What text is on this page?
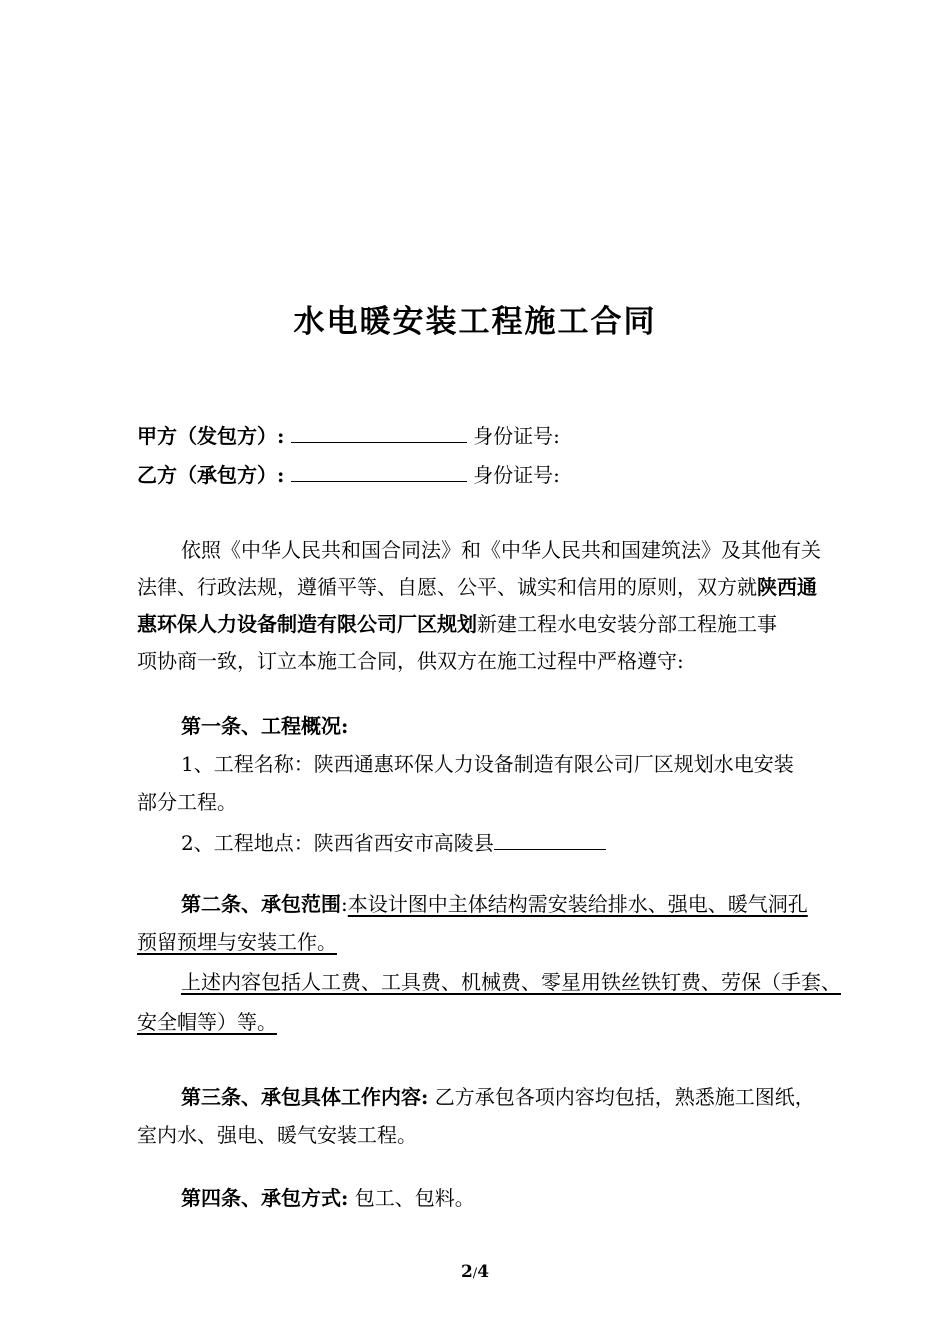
水电暖安装工程施工合同
甲方（发包方）:	身份证号:
乙方（承包方）:	身份证号:
依照《中华人民共和国合同法》和《中华人民共和国建筑法》及其他有关
法律、行政法规，遵循平等、自愿、公平、诚实和信用的原则，双方就陕西通
惠环保人力设备制造有限公司厂区规划新建工程水电安装分部工程施工事
项协商一致，订立本施工合同，供双方在施工过程中严格遵守:
第一条、工程概况:
1、工程名称：陕西通惠环保人力设备制造有限公司厂区规划水电安装
部分工程。
2、工程地点：陕西省西安市高陵县
第二条、承包范围:本设计图中主体结构需安装给排水、强电、暖气洞孔
预留预埋与安装工作。
上述内容包括人工费、工具费、机械费、零星用铁丝铁钉费、劳保（手套、
安全帽等）等。
第三条、承包具体工作内容: 乙方承包各项内容均包括，熟悉施工图纸，
室内水、强电、暖气安装工程。
第四条、承包方式: 包工、包料。
2/4
